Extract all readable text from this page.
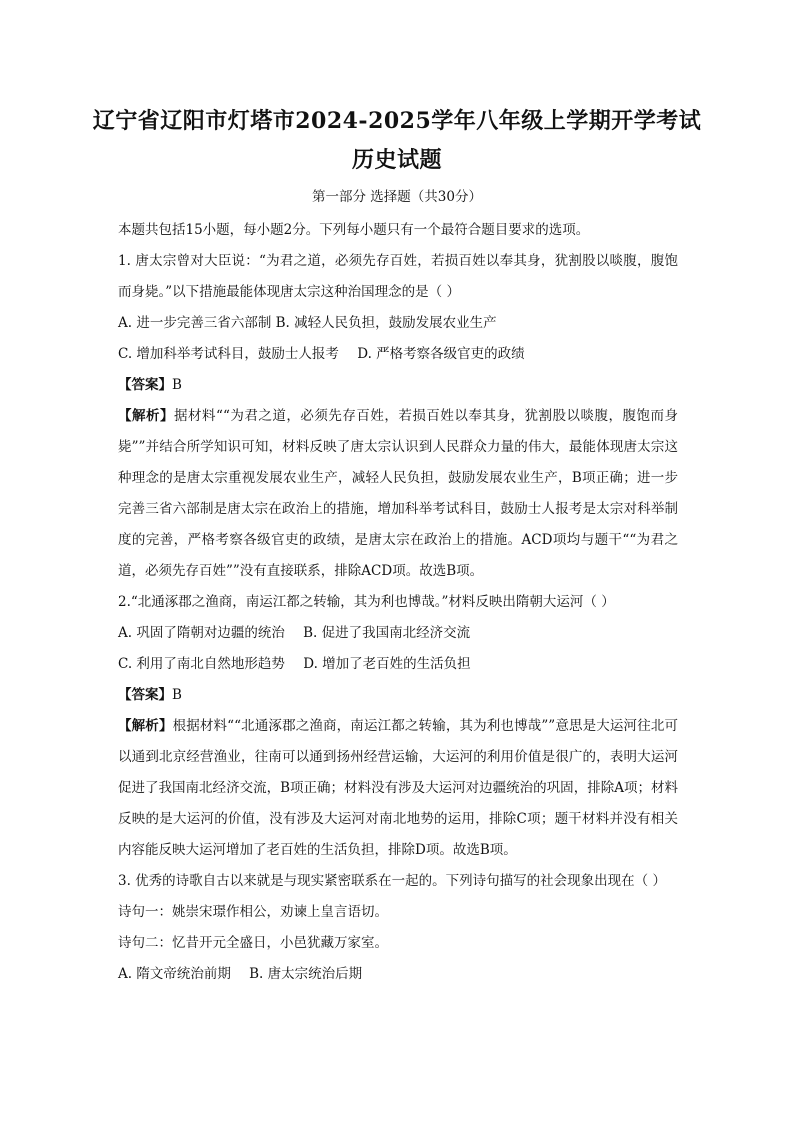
辽宁省辽阳市灯塔市2024-2025学年八年级上学期开学考试
历史试题
第一部分 选择题（共30分）

本题共包括15小题，每小题2分。下列每小题只有一个最符合题目要求的选项。

1. 唐太宗曾对大臣说：“为君之道，必须先存百姓，若损百姓以奉其身，犹割股以啖腹，腹饱而身毙。”以下措施最能体现唐太宗这种治国理念的是（ ）

A. 进一步完善三省六部制 B. 减轻人民负担，鼓励发展农业生产

C. 增加科举考试科目，鼓励士人报考 D. 严格考察各级官吏的政绩

【答案】B

【解析】据材料““为君之道，必须先存百姓，若损百姓以奉其身，犹割股以啖腹，腹饱而身毙””并结合所学知识可知，材料反映了唐太宗认识到人民群众力量的伟大，最能体现唐太宗这种理念的是唐太宗重视发展农业生产，减轻人民负担，鼓励发展农业生产，B项正确；进一步完善三省六部制是唐太宗在政治上的措施，增加科举考试科目，鼓励士人报考是太宗对科举制度的完善，严格考察各级官吏的政绩，是唐太宗在政治上的措施。ACD项均与题干““为君之道，必须先存百姓””没有直接联系，排除ACD项。故选B项。

2.“北通涿郡之渔商，南运江都之转输，其为利也博哉。”材料反映出隋朝大运河（ ）

A. 巩固了隋朝对边疆的统治 B. 促进了我国南北经济交流

C. 利用了南北自然地形趋势 D. 增加了老百姓的生活负担

【答案】B

【解析】根据材料““北通涿郡之渔商，南运江都之转输，其为利也博哉””意思是大运河往北可以通到北京经营渔业，往南可以通到扬州经营运输，大运河的利用价值是很广的，表明大运河促进了我国南北经济交流，B项正确；材料没有涉及大运河对边疆统治的巩固，排除A项；材料反映的是大运河的价值，没有涉及大运河对南北地势的运用，排除C项；题干材料并没有相关内容能反映大运河增加了老百姓的生活负担，排除D项。故选B项。

3. 优秀的诗歌自古以来就是与现实紧密联系在一起的。下列诗句描写的社会现象出现在（ ）

诗句一：姚崇宋璟作相公，劝谏上皇言语切。

诗句二：忆昔开元全盛日，小邑犹藏万家室。

A. 隋文帝统治前期 B. 唐太宗统治后期
